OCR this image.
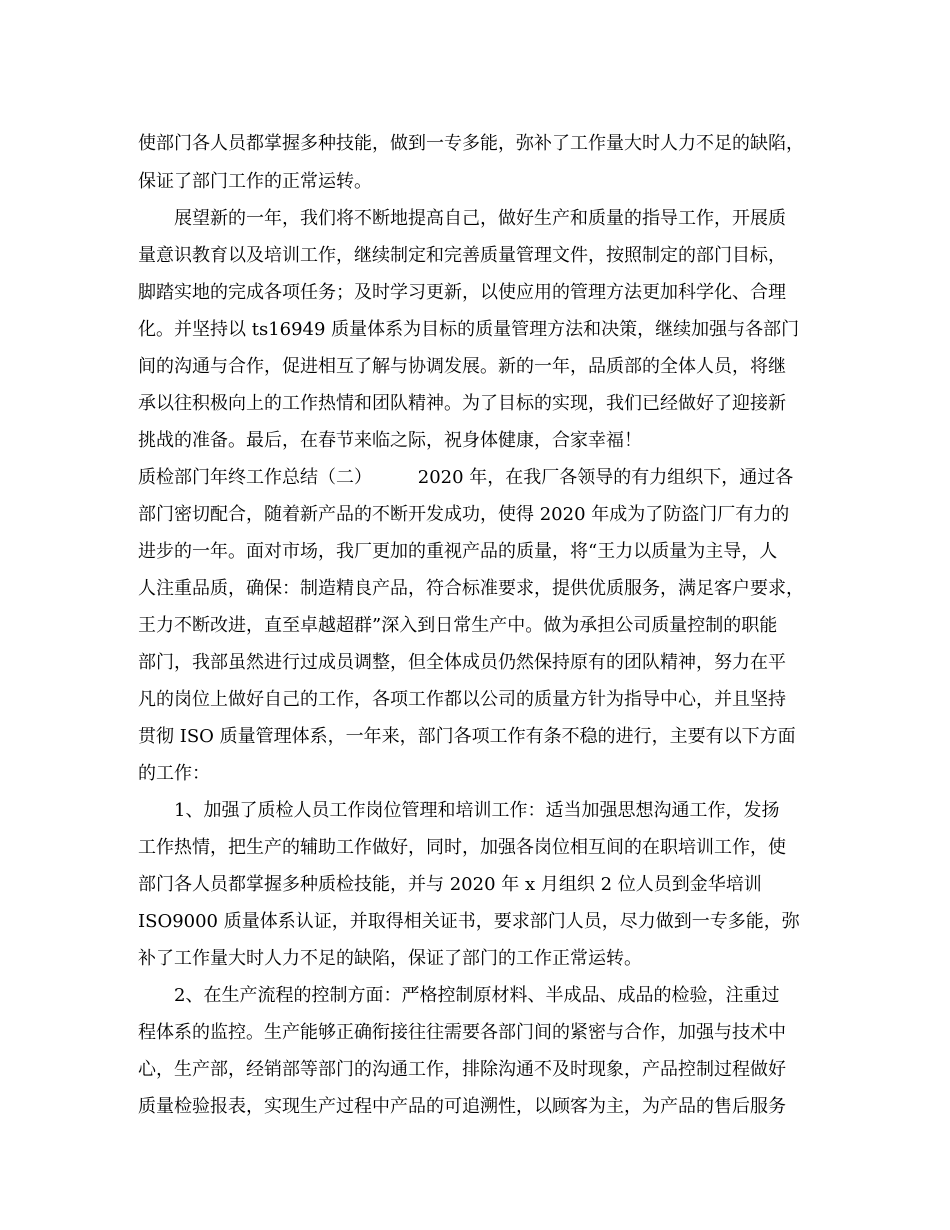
使部门各人员都掌握多种技能，做到一专多能，弥补了工作量大时人力不足的缺陷，
保证了部门工作的正常运转。
展望新的一年，我们将不断地提高自己，做好生产和质量的指导工作，开展质
量意识教育以及培训工作，继续制定和完善质量管理文件，按照制定的部门目标，
脚踏实地的完成各项任务；及时学习更新，以使应用的管理方法更加科学化、合理
化。并坚持以 ts16949 质量体系为目标的质量管理方法和决策，继续加强与各部门
间的沟通与合作，促进相互了解与协调发展。新的一年，品质部的全体人员，将继
承以往积极向上的工作热情和团队精神。为了目标的实现，我们已经做好了迎接新
挑战的准备。最后，在春节来临之际，祝身体健康，合家幸福！
质检部门年终工作总结（二）        2020 年，在我厂各领导的有力组织下，通过各
部门密切配合，随着新产品的不断开发成功，使得 2020 年成为了防盗门厂有力的
进步的一年。面对市场，我厂更加的重视产品的质量，将“王力以质量为主导，人
人注重品质，确保：制造精良产品，符合标准要求，提供优质服务，满足客户要求，
王力不断改进，直至卓越超群”深入到日常生产中。做为承担公司质量控制的职能
部门，我部虽然进行过成员调整，但全体成员仍然保持原有的团队精神，努力在平
凡的岗位上做好自己的工作，各项工作都以公司的质量方针为指导中心，并且坚持
贯彻 ISO 质量管理体系，一年来，部门各项工作有条不稳的进行，主要有以下方面
的工作：
1、加强了质检人员工作岗位管理和培训工作：适当加强思想沟通工作，发扬
工作热情，把生产的辅助工作做好，同时，加强各岗位相互间的在职培训工作，使
部门各人员都掌握多种质检技能，并与 2020 年 x 月组织 2 位人员到金华培训
ISO9000 质量体系认证，并取得相关证书，要求部门人员，尽力做到一专多能，弥
补了工作量大时人力不足的缺陷，保证了部门的工作正常运转。
2、在生产流程的控制方面：严格控制原材料、半成品、成品的检验，注重过
程体系的监控。生产能够正确衔接往往需要各部门间的紧密与合作，加强与技术中
心，生产部，经销部等部门的沟通工作，排除沟通不及时现象，产品控制过程做好
质量检验报表，实现生产过程中产品的可追溯性，以顾客为主，为产品的售后服务
